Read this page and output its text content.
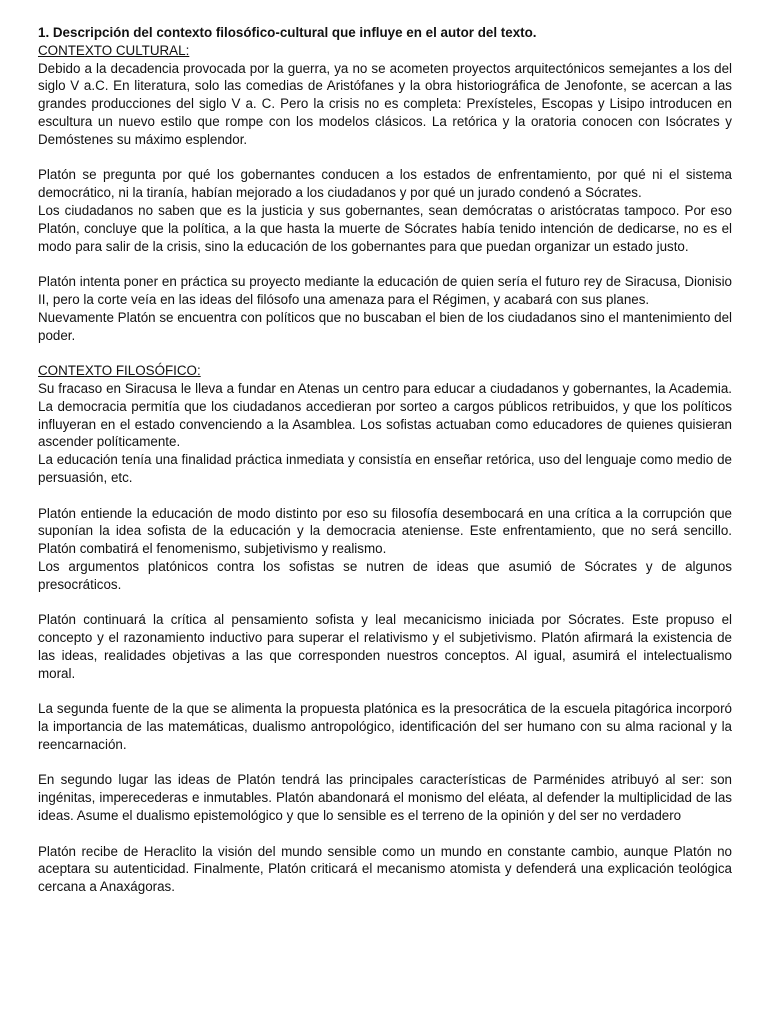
1. Descripción del contexto filosófico-cultural que influye en el autor del texto.

CONTEXTO CULTURAL:

Debido a la decadencia provocada por la guerra, ya no se acometen proyectos arquitectónicos semejantes a los del siglo V a.C. En literatura, solo las comedias de Aristófanes y la obra historiográfica de Jenofonte, se acercan a las grandes producciones del siglo V a. C. Pero la crisis no es completa: Prexísteles, Escopas y Lisipo introducen en escultura un nuevo estilo que rompe con los modelos clásicos. La retórica y la oratoria conocen con Isócrates y Demóstenes su máximo esplendor.

Platón se pregunta por qué los gobernantes conducen a los estados de enfrentamiento, por qué ni el sistema democrático, ni la tiranía, habían mejorado a los ciudadanos y por qué un jurado condenó a Sócrates.

Los ciudadanos no saben que es la justicia y sus gobernantes, sean demócratas o aristócratas tampoco. Por eso Platón, concluye que la política, a la que hasta la muerte de Sócrates había tenido intención de dedicarse, no es el modo para salir de la crisis, sino la educación de los gobernantes para que puedan organizar un estado justo.

Platón intenta poner en práctica su proyecto mediante la educación de quien sería el futuro rey de Siracusa, Dionisio II, pero la corte veía en las ideas del filósofo una amenaza para el Régimen, y acabará con sus planes.

Nuevamente Platón se encuentra con políticos que no buscaban el bien de los ciudadanos sino el mantenimiento del poder.

CONTEXTO FILOSÓFICO:

Su fracaso en Siracusa le lleva a fundar en Atenas un centro para educar a ciudadanos y gobernantes, la Academia. La democracia permitía que los ciudadanos accedieran por sorteo a cargos públicos retribuidos, y que los políticos influyeran en el estado convenciendo a la Asamblea. Los sofistas actuaban como educadores de quienes quisieran ascender políticamente.

La educación tenía una finalidad práctica inmediata y consistía en enseñar retórica, uso del lenguaje como medio de persuasión, etc.

Platón entiende la educación de modo distinto por eso su filosofía desembocará en una crítica a la corrupción que suponían la idea sofista de la educación y la democracia ateniense. Este enfrentamiento, que no será sencillo. Platón combatirá el fenomenismo, subjetivismo y realismo.

Los argumentos platónicos contra los sofistas se nutren de ideas que asumió de Sócrates y de algunos presocráticos.

Platón continuará la crítica al pensamiento sofista y leal mecanicismo iniciada por Sócrates. Este propuso el concepto y el razonamiento inductivo para superar el relativismo y el subjetivismo. Platón afirmará la existencia de las ideas, realidades objetivas a las que corresponden nuestros conceptos. Al igual, asumirá el intelectualismo moral.

La segunda fuente de la que se alimenta la propuesta platónica es la presocrática de la escuela pitagórica incorporó la importancia de las matemáticas, dualismo antropológico, identificación del ser humano con su alma racional y la reencarnación.

En segundo lugar las ideas de Platón tendrá las principales características de Parménides atribuyó al ser: son ingénitas, imperecederas e inmutables. Platón abandonará el monismo del eléata, al defender la multiplicidad de las ideas. Asume el dualismo epistemológico y que lo sensible es el terreno de la opinión y del ser no verdadero

Platón recibe de Heraclito la visión del mundo sensible como un mundo en constante cambio, aunque Platón no aceptara su autenticidad. Finalmente, Platón criticará el mecanismo atomista y defenderá una explicación teológica cercana a Anaxágoras.
